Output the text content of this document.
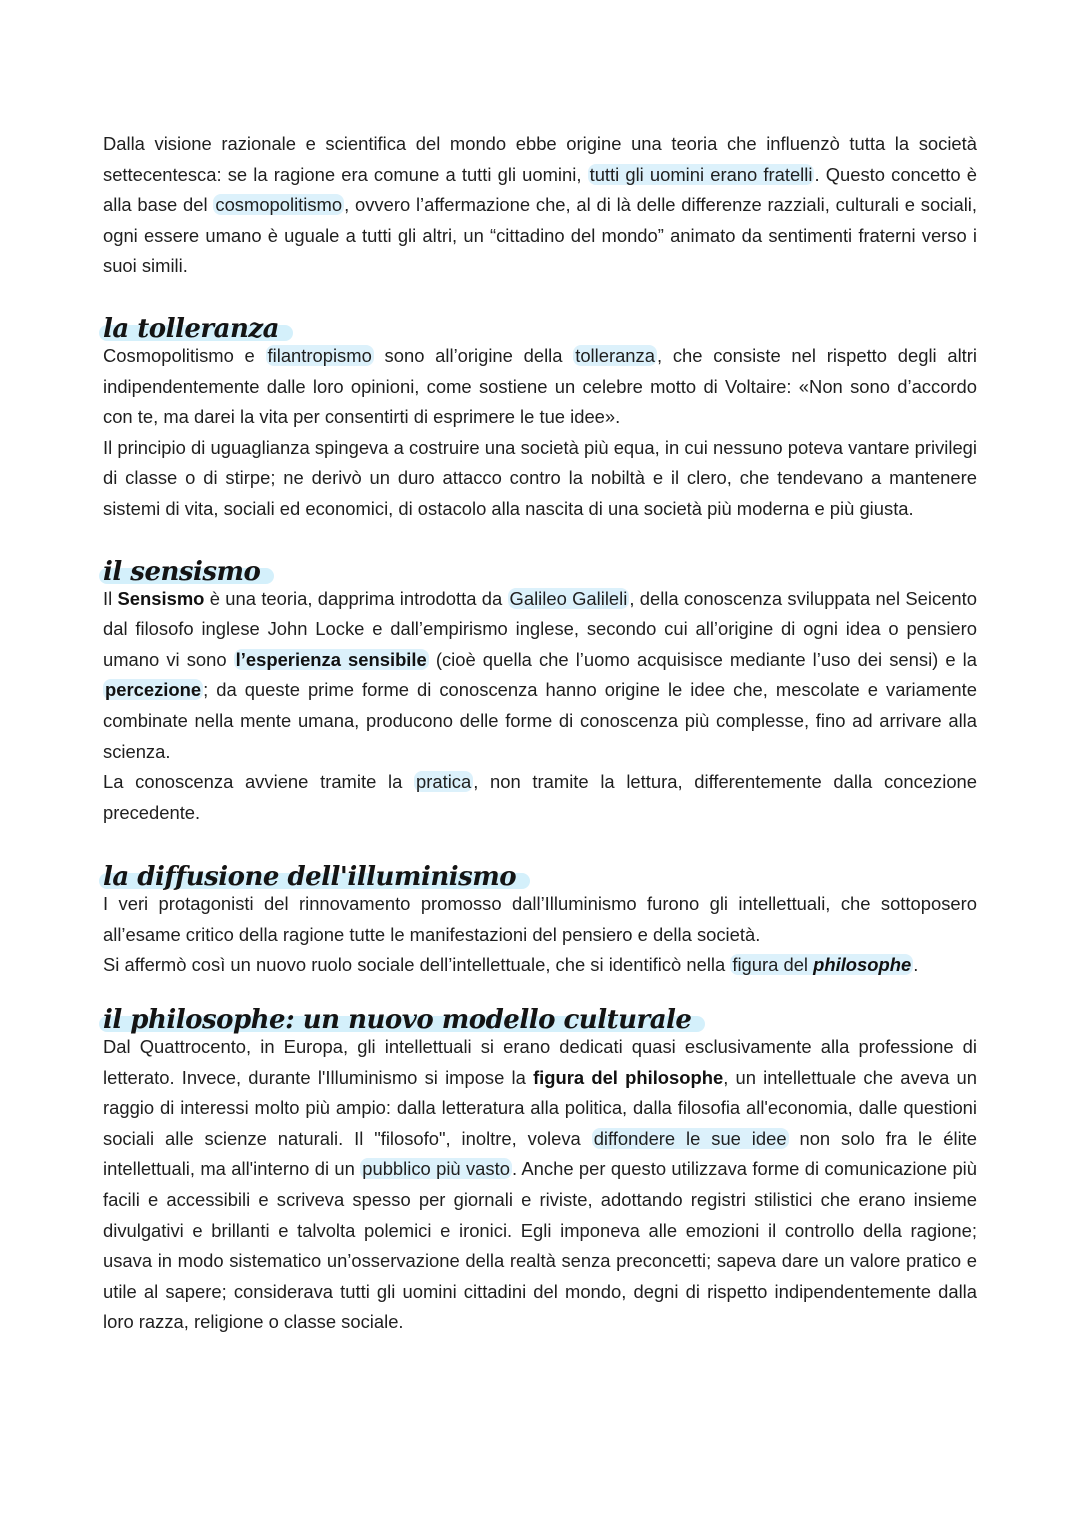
Dalla visione razionale e scientifica del mondo ebbe origine una teoria che influenzò tutta la società settecentesca: se la ragione era comune a tutti gli uomini, tutti gli uomini erano fratelli . Questo concetto è alla base del cosmopolitismo , ovvero l’affermazione che, al di là delle differenze razziali, culturali e sociali, ogni essere umano è uguale a tutti gli altri, un “cittadino del mondo” animato da sentimenti fraterni verso i suoi simili.

la tolleranza

Cosmopolitismo e filantropismo sono all’origine della tolleranza , che consiste nel rispetto degli altri indipendentemente dalle loro opinioni, come sostiene un celebre motto di Voltaire: «Non sono d’accordo con te, ma darei la vita per consentirti di esprimere le tue idee».

Il principio di uguaglianza spingeva a costruire una società più equa, in cui nessuno poteva vantare privilegi di classe o di stirpe; ne derivò un duro attacco contro la nobiltà e il clero, che tendevano a mantenere sistemi di vita, sociali ed economici, di ostacolo alla nascita di una società più moderna e più giusta.

il sensismo

Il Sensismo è una teoria, dapprima introdotta da Galileo Galileli , della conoscenza sviluppata nel Seicento dal filosofo inglese John Locke e dall’empirismo inglese, secondo cui all’origine di ogni idea o pensiero umano vi sono l’esperienza sensibile (cioè quella che l’uomo acquisisce mediante l’uso dei sensi) e la percezione ; da queste prime forme di conoscenza hanno origine le idee che, mescolate e variamente combinate nella mente umana, producono delle forme di conoscenza più complesse, fino ad arrivare alla scienza.

La conoscenza avviene tramite la pratica , non tramite la lettura, differentemente dalla concezione precedente.

la diffusione dell'illuminismo

I veri protagonisti del rinnovamento promosso dall’Illuminismo furono gli intellettuali, che sottoposero all’esame critico della ragione tutte le manifestazioni del pensiero e della società.

Si affermò così un nuovo ruolo sociale dell’intellettuale, che si identificò nella figura del philosophe .

il philosophe: un nuovo modello culturale

Dal Quattrocento, in Europa, gli intellettuali si erano dedicati quasi esclusivamente alla professione di letterato. Invece, durante l'Illuminismo si impose la figura del philosophe, un intellettuale che aveva un raggio di interessi molto più ampio: dalla letteratura alla politica, dalla filosofia all'economia, dalle questioni sociali alle scienze naturali. Il "filosofo", inoltre, voleva diffondere le sue idee non solo fra le élite intellettuali, ma all'interno di un pubblico più vasto . Anche per questo utilizzava forme di comunicazione più facili e accessibili e scriveva spesso per giornali e riviste, adottando registri stilistici che erano insieme divulgativi e brillanti e talvolta polemici e ironici. Egli imponeva alle emozioni il controllo della ragione; usava in modo sistematico un’osservazione della realtà senza preconcetti; sapeva dare un valore pratico e utile al sapere; considerava tutti gli uomini cittadini del mondo, degni di rispetto indipendentemente dalla loro razza, religione o classe sociale.
